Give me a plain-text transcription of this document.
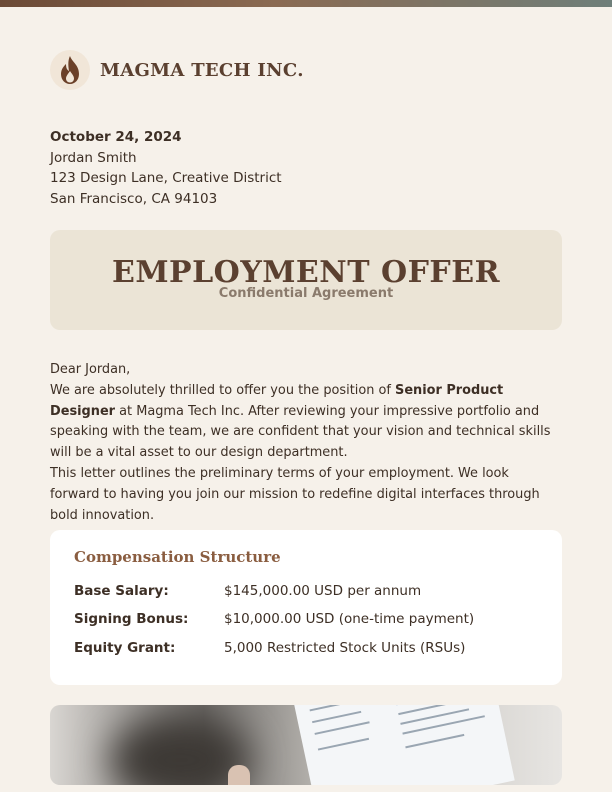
MAGMA TECH INC.
October 24, 2024
Jordan Smith
123 Design Lane, Creative District
San Francisco, CA 94103
EMPLOYMENT OFFER
Confidential Agreement

Dear Jordan,

We are absolutely thrilled to offer you the position of Senior Product Designer at Magma Tech Inc. After reviewing your impressive portfolio and speaking with the team, we are confident that your vision and technical skills will be a vital asset to our design department.

This letter outlines the preliminary terms of your employment. We look forward to having you join our mission to redefine digital interfaces through bold innovation.

Compensation Structure
Base Salary:	$145,000.00 USD per annum
Signing Bonus:	$10,000.00 USD (one-time payment)
Equity Grant:	5,000 Restricted Stock Units (RSUs)
